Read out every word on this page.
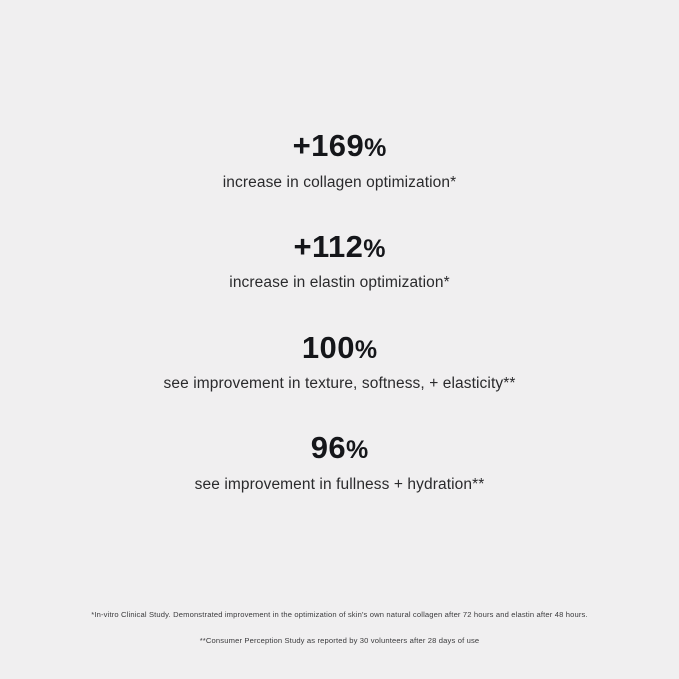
+169%
increase in collagen optimization*
+112%
increase in elastin optimization*
100%
see improvement in texture, softness, + elasticity**
96%
see improvement in fullness + hydration**
*In-vitro Clinical Study. Demonstrated improvement in the optimization of skin's own natural collagen after 72 hours and elastin after 48 hours.
**Consumer Perception Study as reported by 30 volunteers after 28 days of use
